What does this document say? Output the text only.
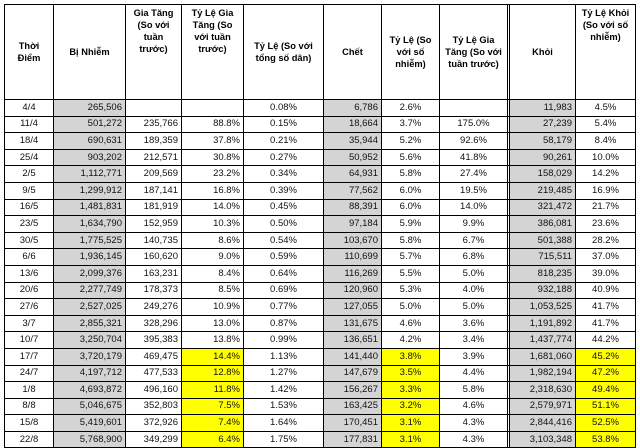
Thời Điểm	Bị Nhiễm	Gia Tăng (So với tuần trước)	Tỷ Lệ Gia Tăng (So với tuần trước)	Tỷ Lệ (So với tổng số dân)	Chết	Tỷ Lệ (So với số nhiễm)	Tỷ Lệ Gia Tăng (So với tuần trước)		Khỏi	Tỷ Lệ Khỏi (So với số nhiễm)
4/4	265,506			0.08%	6,786	2.6%			11,983	4.5%
11/4	501,272	235,766	88.8%	0.15%	18,664	3.7%	175.0%		27,239	5.4%
18/4	690,631	189,359	37.8%	0.21%	35,944	5.2%	92.6%		58,179	8.4%
25/4	903,202	212,571	30.8%	0.27%	50,952	5.6%	41.8%		90,261	10.0%
2/5	1,112,771	209,569	23.2%	0.34%	64,931	5.8%	27.4%		158,029	14.2%
9/5	1,299,912	187,141	16.8%	0.39%	77,562	6.0%	19.5%		219,485	16.9%
16/5	1,481,831	181,919	14.0%	0.45%	88,391	6.0%	14.0%		321,472	21.7%
23/5	1,634,790	152,959	10.3%	0.50%	97,184	5.9%	9.9%		386,081	23.6%
30/5	1,775,525	140,735	8.6%	0.54%	103,670	5.8%	6.7%		501,388	28.2%
6/6	1,936,145	160,620	9.0%	0.59%	110,699	5.7%	6.8%		715,511	37.0%
13/6	2,099,376	163,231	8.4%	0.64%	116,269	5.5%	5.0%		818,235	39.0%
20/6	2,277,749	178,373	8.5%	0.69%	120,960	5.3%	4.0%		932,188	40.9%
27/6	2,527,025	249,276	10.9%	0.77%	127,055	5.0%	5.0%		1,053,525	41.7%
3/7	2,855,321	328,296	13.0%	0.87%	131,675	4.6%	3.6%		1,191,892	41.7%
10/7	3,250,704	395,383	13.8%	0.99%	136,651	4.2%	3.4%		1,437,774	44.2%
17/7	3,720,179	469,475	14.4%	1.13%	141,440	3.8%	3.9%		1,681,060	45.2%
24/7	4,197,712	477,533	12.8%	1.27%	147,679	3.5%	4.4%		1,982,194	47.2%
1/8	4,693,872	496,160	11.8%	1.42%	156,267	3.3%	5.8%		2,318,630	49.4%
8/8	5,046,675	352,803	7.5%	1.53%	163,425	3.2%	4.6%		2,579,971	51.1%
15/8	5,419,601	372,926	7.4%	1.64%	170,451	3.1%	4.3%		2,844,416	52.5%
22/8	5,768,900	349,299	6.4%	1.75%	177,831	3.1%	4.3%		3,103,348	53.8%
